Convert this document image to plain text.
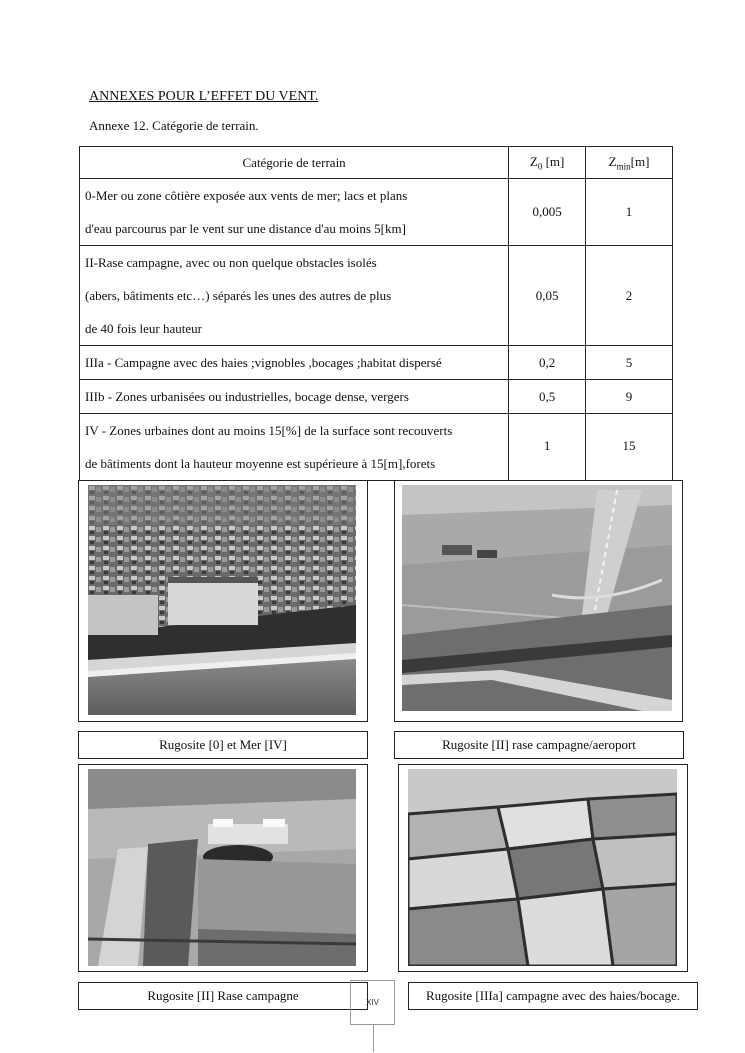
ANNEXES POUR L’EFFET DU VENT.
Annexe 12. Catégorie de terrain.
Catégorie de terrain	$Z_0$ [m]	$Z_{min}[m]$

0-Mer ou zone côtière exposée aux vents de mer; lacs et plans
d'eau parcourus par le vent sur une distance d'au moins 5[km]	0,005	1

II-Rase campagne, avec ou non quelque obstacles isolés
(abers, bâtiments etc…) séparés les unes des autres de plus
de 40 fois leur hauteur	0,05	2

IIIa - Campagne avec des haies ;vignobles ,bocages ;habitat dispersé	0,2	5

IIIb - Zones urbanisées ou industrielles, bocage dense, vergers	0,5	9

IV - Zones urbaines dont au moins 15[%] de la surface sont recouverts
de bâtiments dont la hauteur moyenne est supérieure à 15[m],forets	1	15
Rugosite [0] et Mer [IV]	Rugosite [II] rase campagne/aeroport
Rugosite [II] Rase campagne	Rugosite [IIIa] campagne avec des haies/bocage.
XIV
